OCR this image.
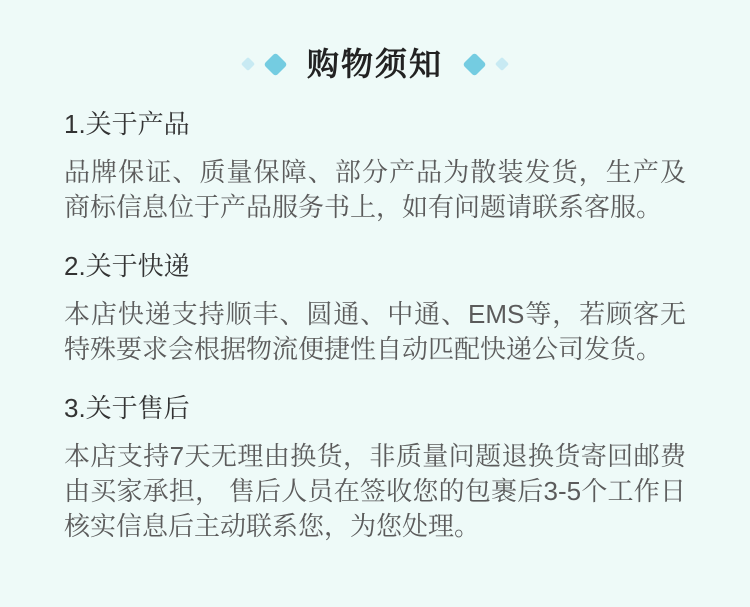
购物须知
1.关于产品

品牌保证、质量保障、部分产品为散装发货，生产及商标信息位于产品服务书上，如有问题请联系客服。

2.关于快递

本店快递支持顺丰、圆通、中通、EMS等，若顾客无特殊要求会根据物流便捷性自动匹配快递公司发货。

3.关于售后

本店支持7天无理由换货，非质量问题退换货寄回邮费由买家承担， 售后人员在签收您的包裹后3-5个工作日核实信息后主动联系您，为您处理。
